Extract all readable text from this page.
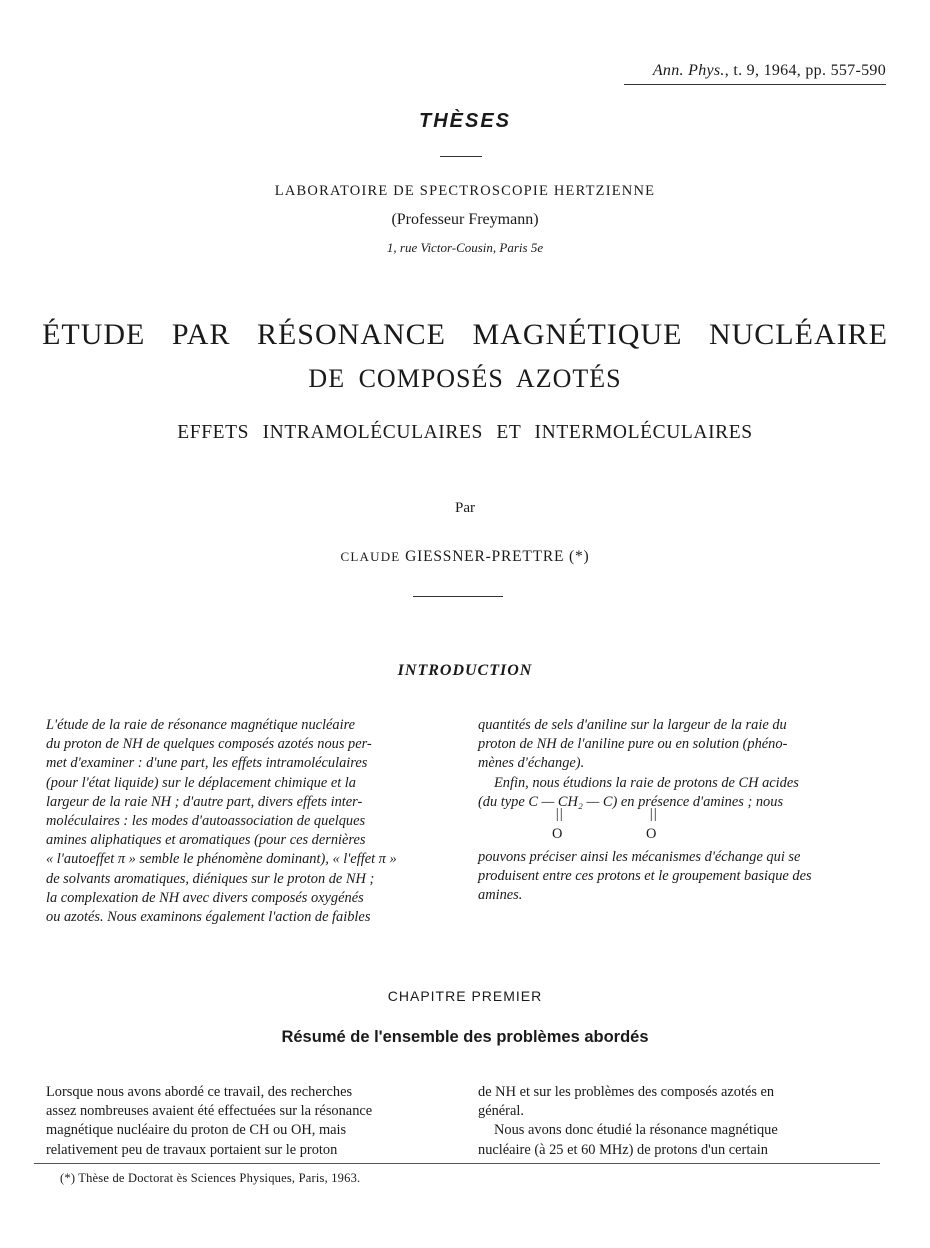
Ann. Phys., t. 9, 1964, pp. 557-590
THÈSES
LABORATOIRE DE SPECTROSCOPIE HERTZIENNE
(Professeur Freymann)
1, rue Victor-Cousin, Paris 5e
ÉTUDE PAR RÉSONANCE MAGNÉTIQUE NUCLÉAIRE
DE COMPOSÉS AZOTÉS
EFFETS INTRAMOLÉCULAIRES ET INTERMOLÉCULAIRES
Par
CLAUDE GIESSNER-PRETTRE (*)
INTRODUCTION

L'étude de la raie de résonance magnétique nucléaire

du proton de NH de quelques composés azotés nous per-

met d'examiner : d'une part, les effets intramoléculaires

(pour l'état liquide) sur le déplacement chimique et la

largeur de la raie NH ; d'autre part, divers effets inter-

moléculaires : les modes d'autoassociation de quelques

amines aliphatiques et aromatiques (pour ces dernières

« l'autoeffet π » semble le phénomène dominant), « l'effet π »

de solvants aromatiques, diéniques sur le proton de NH ;

la complexation de NH avec divers composés oxygénés

ou azotés. Nous examinons également l'action de faibles

quantités de sels d'aniline sur la largeur de la raie du

proton de NH de l'aniline pure ou en solution (phéno-

mènes d'échange).

Enfin, nous étudions la raie de protons de CH acides

(du type C — CH₂ — C) en présence d'amines ; nous

||	||
O	O

pouvons préciser ainsi les mécanismes d'échange qui se

produisent entre ces protons et le groupement basique des

amines.

CHAPITRE PREMIER
Résumé de l'ensemble des problèmes abordés

Lorsque nous avons abordé ce travail, des recherches

assez nombreuses avaient été effectuées sur la résonance

magnétique nucléaire du proton de CH ou OH, mais

relativement peu de travaux portaient sur le proton

de NH et sur les problèmes des composés azotés en

général.

Nous avons donc étudié la résonance magnétique

nucléaire (à 25 et 60 MHz) de protons d'un certain

(*) Thèse de Doctorat ès Sciences Physiques, Paris, 1963.
